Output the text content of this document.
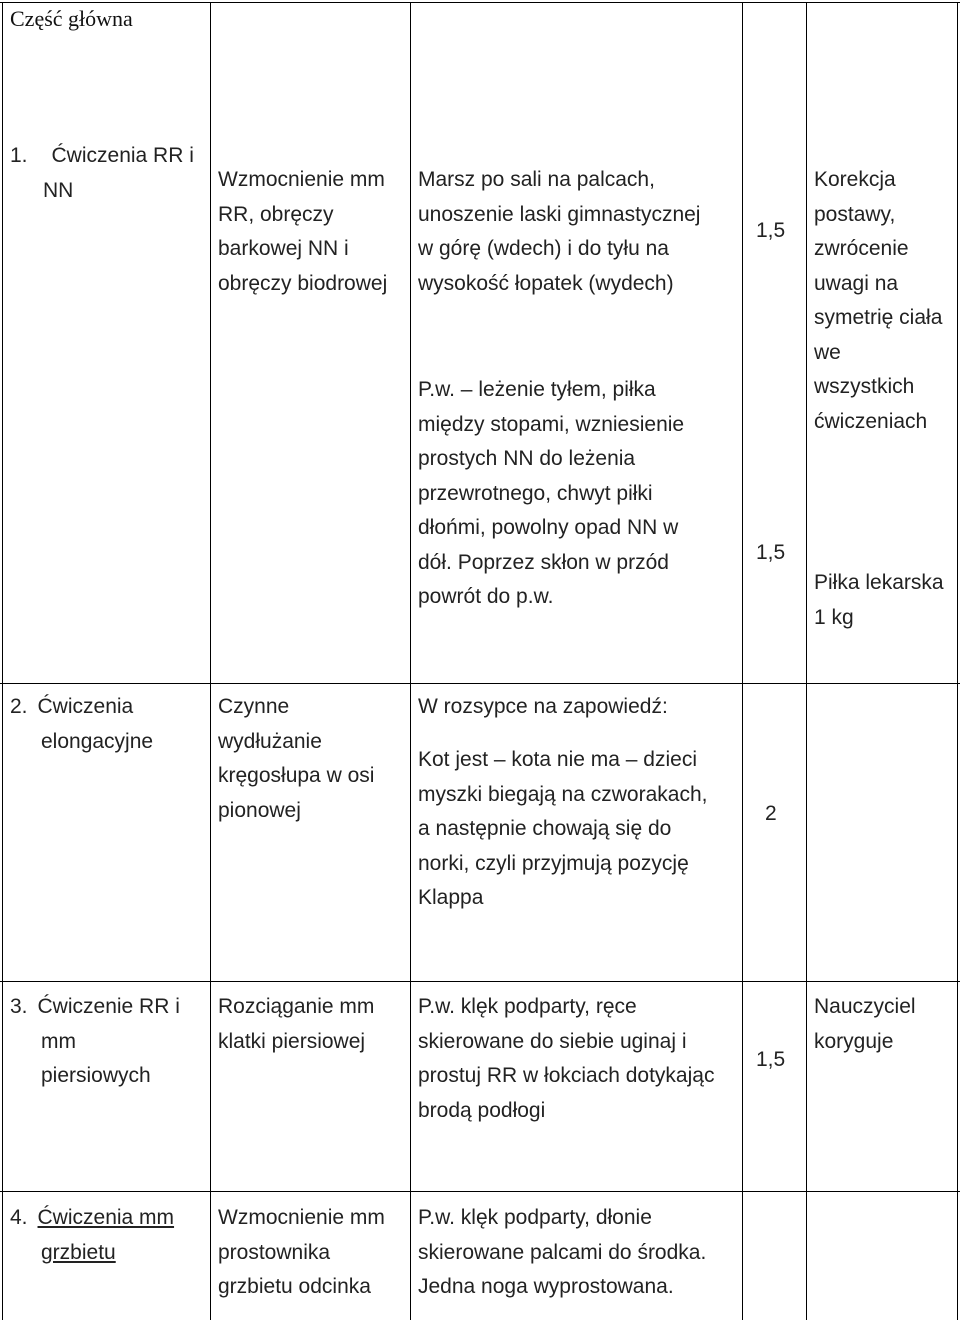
Część główna
1. Ćwiczenia RR i
NN	Wzmocnienie mm
RR, obręczy
barkowej NN i
obręczy biodrowej
Marsz po sali na palcach,
unoszenie laski gimnastycznej
w górę (wdech) i do tyłu na
wysokość łopatek (wydech)
P.w. – leżenie tyłem, piłka
między stopami, wzniesienie
prostych NN do leżenia
przewrotnego, chwyt piłki
dłońmi, powolny opad NN w
dół. Poprzez skłon w przód
powrót do p.w.
1,5
1,5
Korekcja
postawy,
zwrócenie
uwagi na
symetrię ciała
we
wszystkich
ćwiczeniach
Piłka lekarska
1 kg
2. Ćwiczenia
elongacyjne
Czynne
wydłużanie
kręgosłupa w osi
pionowej
W rozsypce na zapowiedź:
Kot jest – kota nie ma – dzieci
myszki biegają na czworakach,
a następnie chowają się do
norki, czyli przyjmują pozycję
Klappa
2
3. Ćwiczenie RR i
mm
piersiowych
Rozciąganie mm
klatki piersiowej
P.w. klęk podparty, ręce
skierowane do siebie uginaj i
prostuj RR w łokciach dotykając
brodą podłogi
1,5
Nauczyciel
koryguje
4. Ćwiczenia mm
grzbietu
Wzmocnienie mm
prostownika
grzbietu odcinka
P.w. klęk podparty, dłonie
skierowane palcami do środka.
Jedna noga wyprostowana.
